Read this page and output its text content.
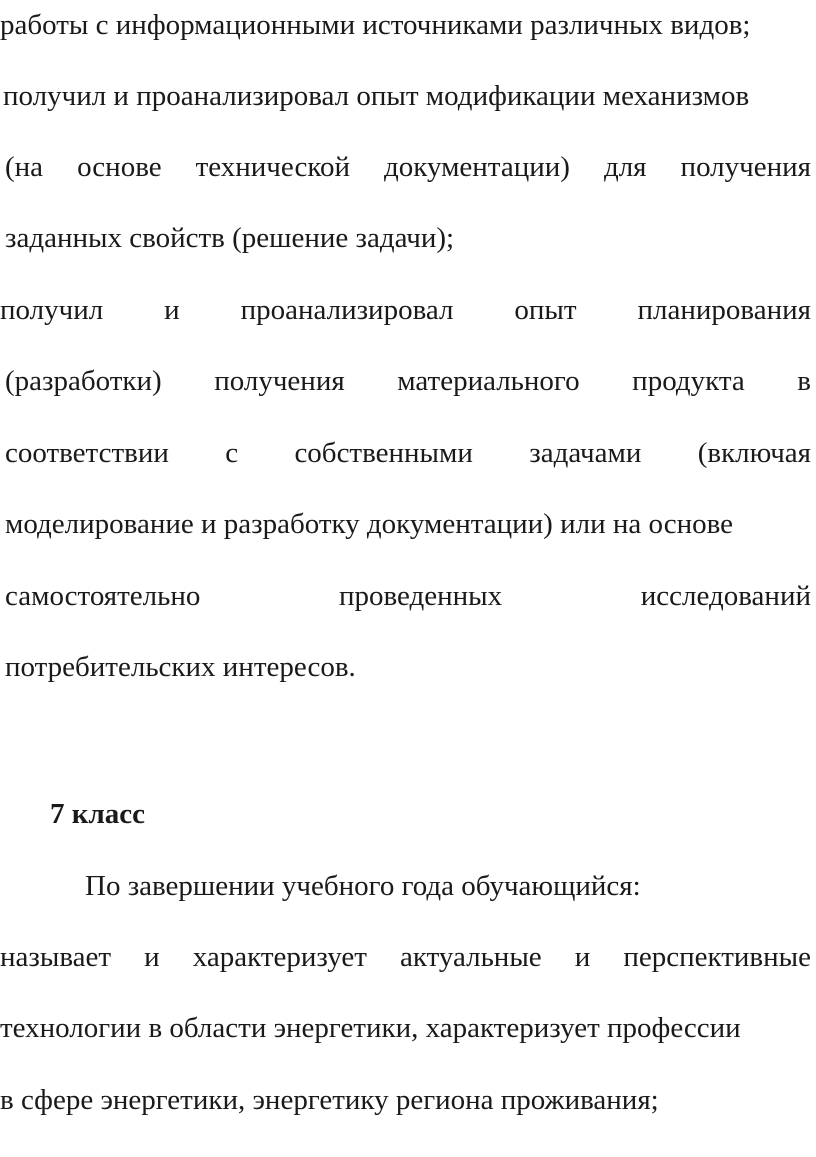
работы с информационными источниками различных видов;
получил и проанализировал опыт модификации механизмов
(на основе технической документации) для получения
заданных свойств (решение задачи);
получил и проанализировал опыт планирования
(разработки) получения материального продукта в
соответствии с собственными задачами (включая
моделирование и разработку документации) или на основе
самостоятельно	проведенных	исследований
потребительских интересов.
7 класс
По завершении учебного года обучающийся:
называет и характеризует актуальные и перспективные
технологии в области энергетики, характеризует профессии
в сфере энергетики, энергетику региона проживания;
